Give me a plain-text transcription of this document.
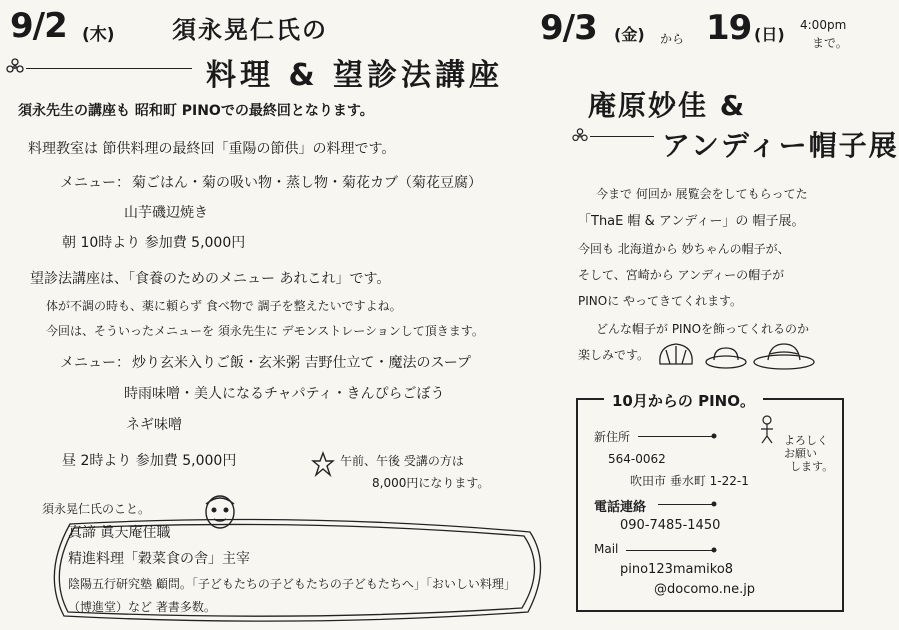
9/2 (木) 須永晃仁氏の
料理 & 望診法講座
須永先生の講座も 昭和町 PINOでの最終回となります。
料理教室は 節供料理の最終回「重陽の節供」の料理です。
メニュー： 菊ごはん・菊の吸い物・蒸し物・菊花カブ（菊花豆腐）
山芋磯辺焼き
朝 10時より 参加費 5,000円
望診法講座は、「食養のためのメニュー あれこれ」です。
体が不調の時も、薬に頼らず 食べ物で 調子を整えたいですよね。
今回は、そういったメニューを 須永先生に デモンストレーションして頂きます。
メニュー： 炒り玄米入りご飯・玄米粥 吉野仕立て・魔法のスープ
時雨味噌・美人になるチャパティ・きんぴらごぼう
ネギ味噌
昼 2時より 参加費 5,000円	午前、午後 受講の方は
8,000円になります。
須永晃仁氏のこと。
真諦 眞天庵住職
精進料理「穀菜食の舎」主宰
陰陽五行研究塾 顧問。「子どもたちの子どもたちの子どもたちへ」「おいしい料理」
（博進堂）など 著書多数。
9/3 (金) から 19 (日) 4:00pm
まで。
庵原妙佳 &
アンディー帽子展
今まで 何回か 展覧会をしてもらってた
「ThaE 帽 & アンディー」の 帽子展。
今回も 北海道から 妙ちゃんの帽子が、
そして、宮崎から アンディーの帽子が
PINOに やってきてくれます。
どんな帽子が PINOを飾ってくれるのか
楽しみです。
10月からの PINO。
新住所
564-0062
吹田市 垂水町 1-22-1
よろしく
お願い
します。
電話連絡
090-7485-1450
Mail
pino123mamiko8
@docomo.ne.jp
